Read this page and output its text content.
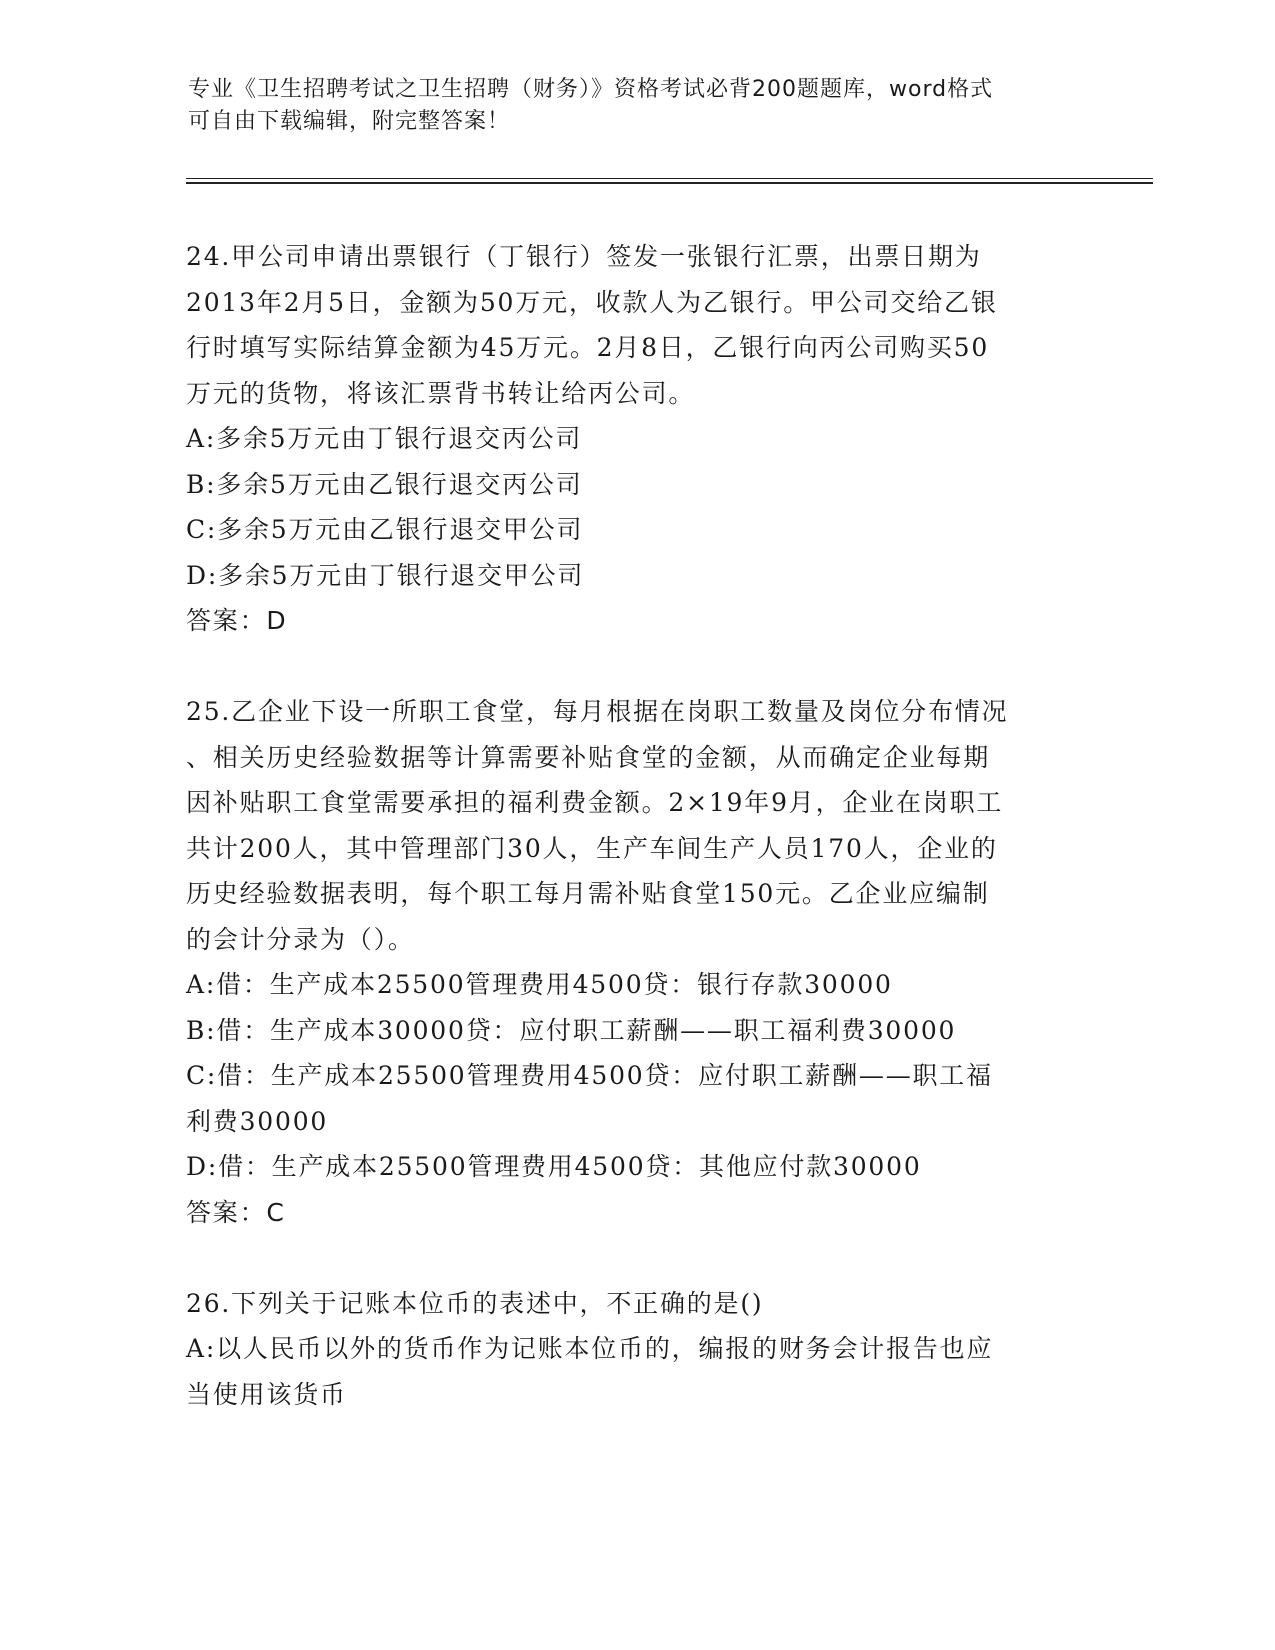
专业《卫生招聘考试之卫生招聘（财务）》资格考试必背200题题库，word格式
可自由下载编辑，附完整答案！
24.甲公司申请出票银行（丁银行）签发一张银行汇票，出票日期为
2013年2月5日，金额为50万元，收款人为乙银行。甲公司交给乙银
行时填写实际结算金额为45万元。2月8日，乙银行向丙公司购买50
万元的货物，将该汇票背书转让给丙公司。
A:多余5万元由丁银行退交丙公司
B:多余5万元由乙银行退交丙公司
C:多余5万元由乙银行退交甲公司
D:多余5万元由丁银行退交甲公司
答案：D
25.乙企业下设一所职工食堂，每月根据在岗职工数量及岗位分布情况
、相关历史经验数据等计算需要补贴食堂的金额，从而确定企业每期
因补贴职工食堂需要承担的福利费金额。2×19年9月，企业在岗职工
共计200人，其中管理部门30人，生产车间生产人员170人，企业的
历史经验数据表明，每个职工每月需补贴食堂150元。乙企业应编制
的会计分录为（）。
A:借：生产成本25500管理费用4500贷：银行存款30000
B:借：生产成本30000贷：应付职工薪酬——职工福利费30000
C:借：生产成本25500管理费用4500贷：应付职工薪酬——职工福
利费30000
D:借：生产成本25500管理费用4500贷：其他应付款30000
答案：C
26.下列关于记账本位币的表述中，不正确的是()
A:以人民币以外的货币作为记账本位币的，编报的财务会计报告也应
当使用该货币
